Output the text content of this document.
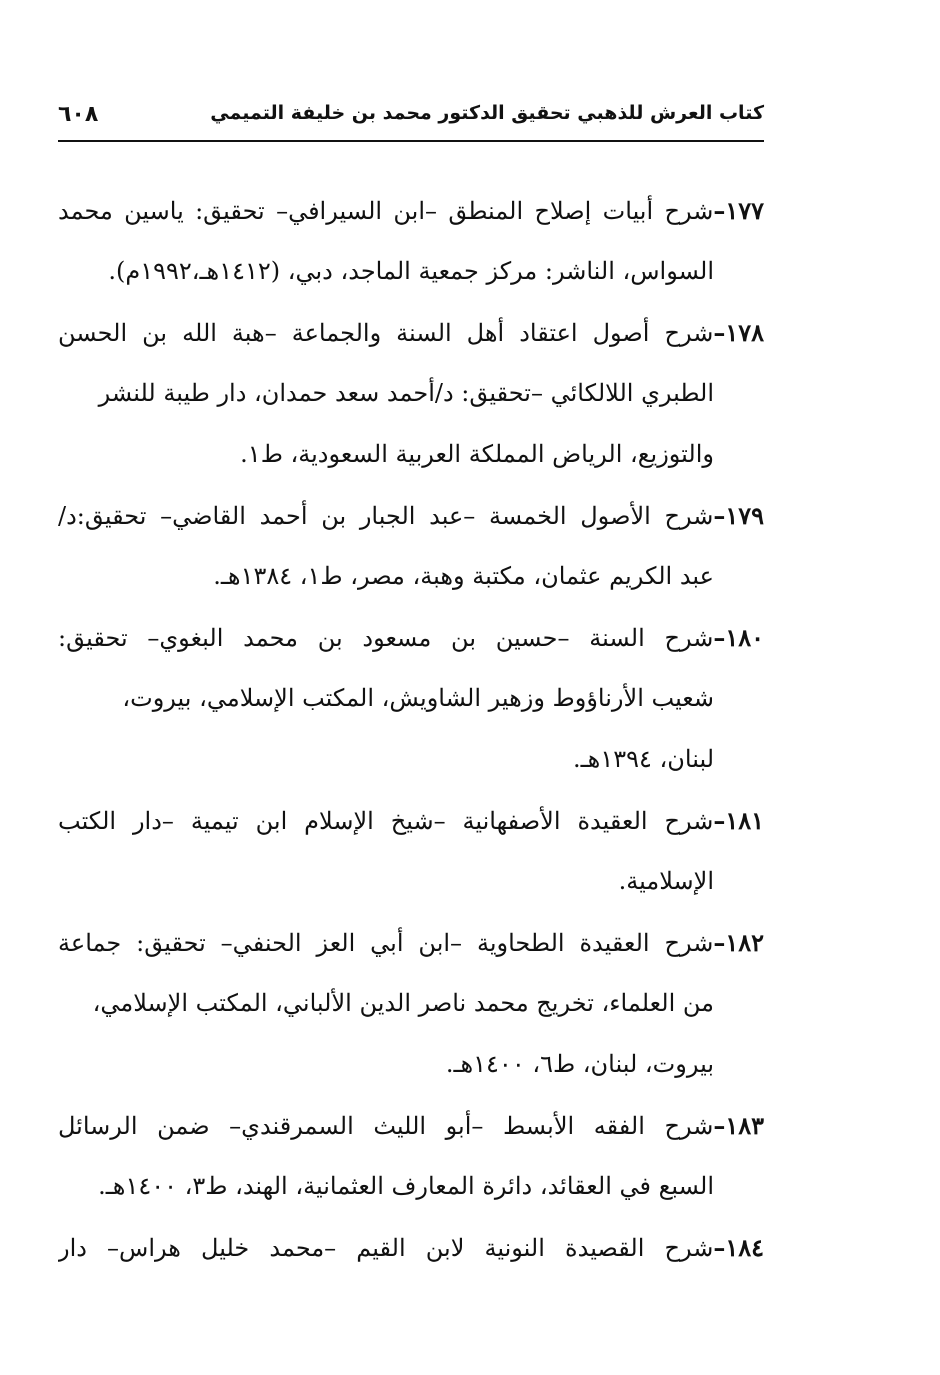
كتاب العرش للذهبي تحقيق الدكتور محمد بن خليفة التميمي
٦٠٨
١٧٧–شرح أبيات إصلاح المنطق –ابن السيرافي– تحقيق: ياسين محمد
السواس، الناشر: مركز جمعية الماجد، دبي، (١٤١٢هـ،١٩٩٢م).
١٧٨–شرح أصول اعتقاد أهل السنة والجماعة –هبة الله بن الحسن
الطبري اللالكائي –تحقيق: د/أحمد سعد حمدان، دار طيبة للنشر
والتوزيع، الرياض المملكة العربية السعودية، ط١.
١٧٩–شرح الأصول الخمسة –عبد الجبار بن أحمد القاضي– تحقيق:د/
عبد الكريم عثمان، مكتبة وهبة، مصر، ط١، ١٣٨٤هـ.
١٨٠–شرح السنة –حسين بن مسعود بن محمد البغوي– تحقيق:
شعيب الأرناؤوط وزهير الشاويش، المكتب الإسلامي، بيروت،
لبنان، ١٣٩٤هـ.
١٨١–شرح العقيدة الأصفهانية –شيخ الإسلام ابن تيمية –دار الكتب
الإسلامية.
١٨٢–شرح العقيدة الطحاوية –ابن أبي العز الحنفي– تحقيق: جماعة
من العلماء، تخريج محمد ناصر الدين الألباني، المكتب الإسلامي،
بيروت، لبنان، ط٦، ١٤٠٠هـ.
١٨٣–شرح الفقه الأبسط –أبو الليث السمرقندي– ضمن الرسائل
السبع في العقائد، دائرة المعارف العثمانية، الهند، ط٣، ١٤٠٠هـ.
١٨٤–شرح القصيدة النونية لابن القيم –محمد خليل هراس– دار
